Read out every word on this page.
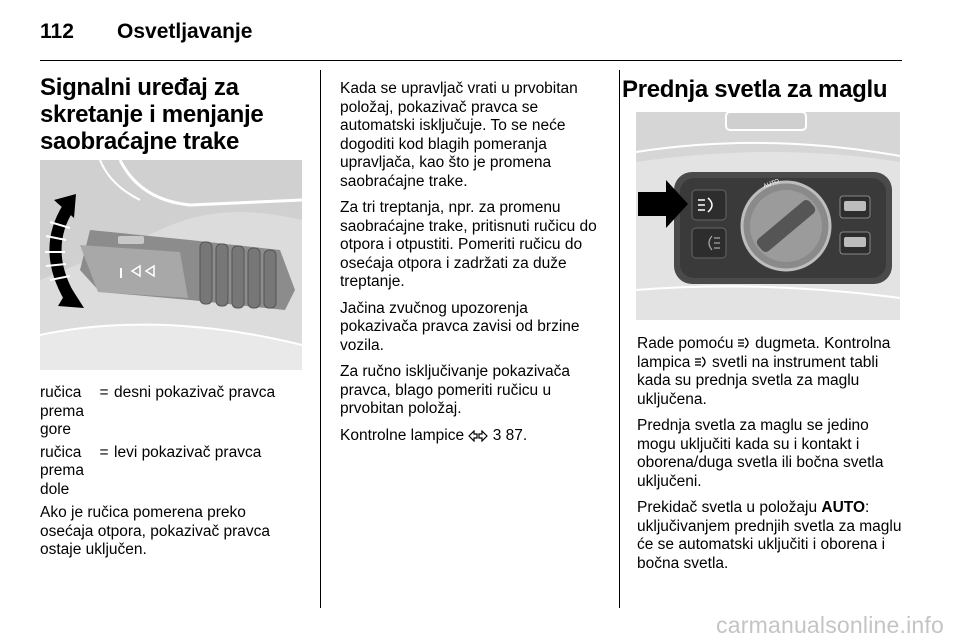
112 Osvetljavanje
Signalni uređaj za skretanje i menjanje saobraćajne trake
ručica prema gore
= desni pokazivač pravca
ručica prema dole
= levi pokazivač pravca

Ako je ručica pomerena preko osećaja otpora, pokazivač pravca ostaje uključen.

Kada se upravljač vrati u prvobitan položaj, pokazivač pravca se automatski isključuje. To se neće dogoditi kod blagih pomeranja upravljača, kao što je promena saobraćajne trake.

Za tri treptanja, npr. za promenu saobraćajne trake, pritisnuti ručicu do otpora i otpustiti. Pomeriti ručicu do osećaja otpora i zadržati za duže treptanje.

Jačina zvučnog upozorenja pokazivača pravca zavisi od brzine vozila.

Za ručno isključivanje pokazivača pravca, blago pomeriti ručicu u prvobitan položaj.

Kontrolne lampice 3 87.

Prednja svetla za maglu
AUTO

Rade pomoću dugmeta. Kontrolna lampica svetli na instrument tabli kada su prednja svetla za maglu uključena.

Prednja svetla za maglu se jedino mogu uključiti kada su i kontakt i oborena/duga svetla ili bočna svetla uključeni.

Prekidač svetla u položaju AUTO: uključivanjem prednjih svetla za maglu će se automatski uključiti i oborena i bočna svetla.

carmanualsonline.info
